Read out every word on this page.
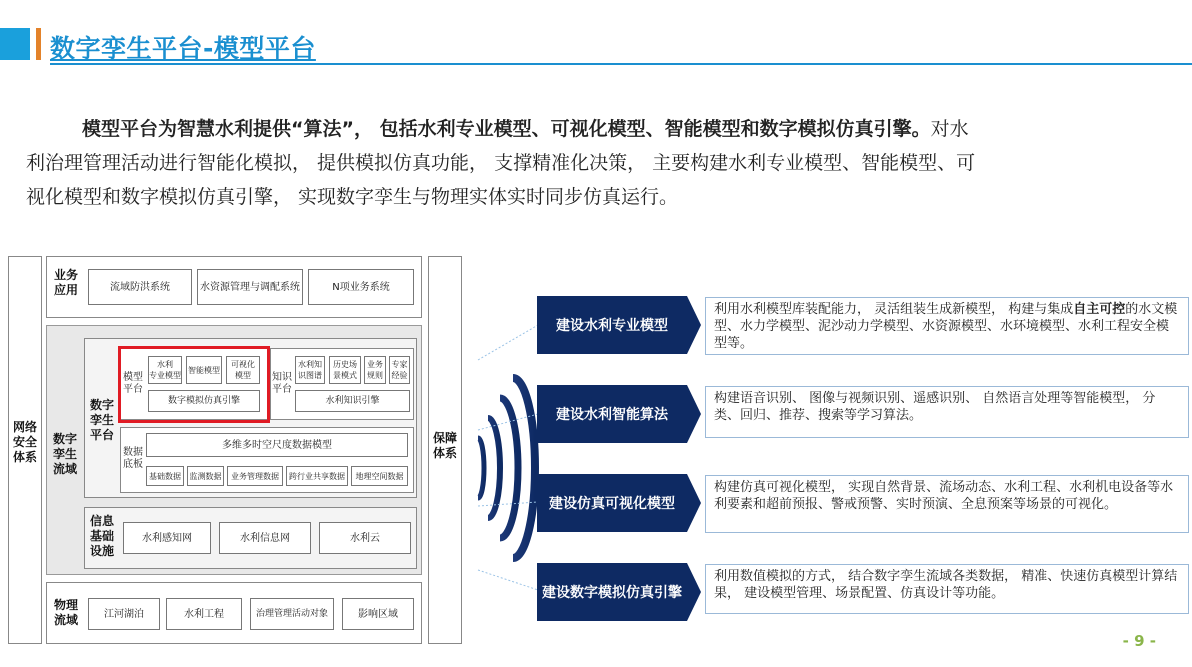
数字孪生平台-模型平台

模型平台为智慧水利提供“算法”， 包括水利专业模型、可视化模型、智能模型和数字模拟仿真引擎。对水

利治理管理活动进行智能化模拟， 提供模拟仿真功能， 支撑精准化决策， 主要构建水利专业模型、智能模型、可

视化模型和数字模拟仿真引擎， 实现数字孪生与物理实体实时同步仿真运行。

网络
安全
体系
保障
体系
业务
应用	流域防洪系统	水资源管理与调配系统	N项业务系统
数字
孪生
流域
数字
孪生
平台
模型
平台
水利
专业模型
智能模型
可视化
模型
数字模拟仿真引擎
知识
平台
水利知
识图谱
历史场
景模式
业务
规则
专家
经验
水利知识引擎
数据
底板
多维多时空尺度数据模型
基础数据	监测数据	业务管理数据	跨行业共享数据	地理空间数据
信息
基础
设施
水利感知网	水利信息网	水利云
物理
流域	江河湖泊	水利工程	治理管理活动对象	影响区域
建设水利专业模型
利用水利模型库装配能力， 灵活组装生成新模型， 构建与集成自主可控的水文模型、水力学模型、泥沙动力学模型、水资源模型、水环境模型、水利工程安全模型等。
建设水利智能算法
构建语音识别、 图像与视频识别、遥感识别、 自然语言处理等智能模型， 分类、回归、推荐、搜索等学习算法。
建设仿真可视化模型
构建仿真可视化模型， 实现自然背景、流场动态、水利工程、水利机电设备等水利要素和超前预报、警戒预警、实时预演、全息预案等场景的可视化。
建设数字模拟仿真引擎
利用数值模拟的方式， 结合数字孪生流域各类数据， 精准、快速仿真模型计算结果， 建设模型管理、场景配置、仿真设计等功能。
- 9 -
